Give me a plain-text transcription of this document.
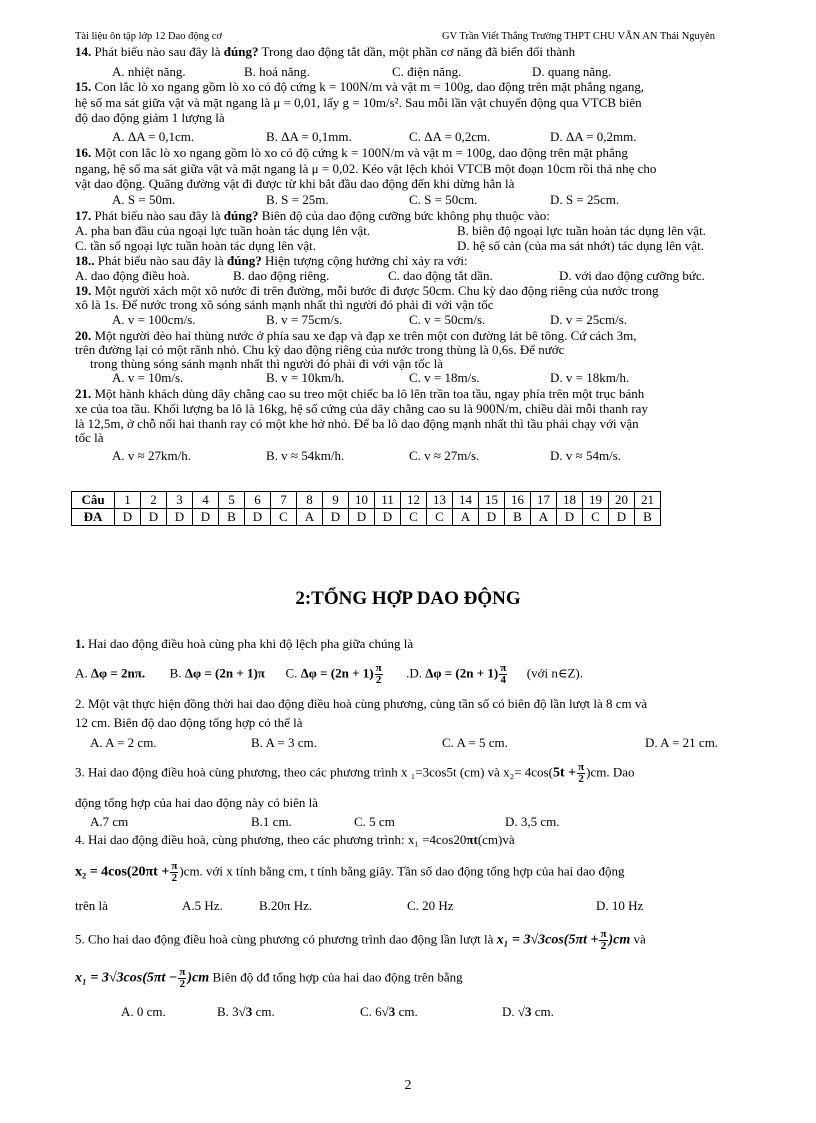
Tài liệu ôn tập lớp 12 Dao động cơ	GV Trần Viết Thắng Trường THPT CHU VĂN AN Thái Nguyên
14. Phát biểu nào sau đây là đúng? Trong dao động tắt dần, một phần cơ năng đã biến đổi thành
A. nhiệt năng.	B. hoá năng.	C. điện năng.	D. quang năng.
15. Con lắc lò xo ngang gồm lò xo có độ cứng k = 100N/m và vật m = 100g, dao động trên mặt phẳng ngang,
hệ số ma sát giữa vật và mặt ngang là μ = 0,01, lấy g = 10m/s². Sau mỗi lần vật chuyển động qua VTCB biên
độ dao động giảm 1 lượng là
A. ΔA = 0,1cm.	B. ΔA = 0,1mm.	C. ΔA = 0,2cm.	D. ΔA = 0,2mm.
16. Một con lắc lò xo ngang gồm lò xo có độ cứng k = 100N/m và vật m = 100g, dao động trên mặt phẳng
ngang, hệ số ma sát giữa vật và mặt ngang là μ = 0,02. Kéo vật lệch khỏi VTCB một đoạn 10cm rồi thả nhẹ cho
vật dao động. Quãng đường vật đi được từ khi bắt đầu dao động đến khi dừng hẳn là
A. S = 50m.	B. S = 25m.	C. S = 50cm.	D. S = 25cm.
17. Phát biểu nào sau đây là đúng? Biên độ của dao động cưỡng bức không phụ thuộc vào:
A. pha ban đầu của ngoại lực tuần hoàn tác dụng lên vật.	B. biên độ ngoại lực tuần hoàn tác dụng lên vật.
C. tần số ngoại lực tuần hoàn tác dụng lên vật.	D. hệ số cản (của ma sát nhớt) tác dụng lên vật.
18.. Phát biểu nào sau đây là đúng? Hiện tượng cộng hưởng chỉ xảy ra với:
A. dao động điều hoà.	B. dao động riêng.	C. dao động tắt dần.	D. với dao động cưỡng bức.
19. Một người xách một xô nước đi trên đường, mỗi bước đi được 50cm. Chu kỳ dao động riêng của nước trong
xô là 1s. Để nước trong xô sóng sánh mạnh nhất thì người đó phải đi với vận tốc
A. v = 100cm/s.	B. v = 75cm/s.	C. v = 50cm/s.	D. v = 25cm/s.
20. Một người đèo hai thùng nước ở phía sau xe đạp và đạp xe trên một con đường lát bê tông. Cứ cách 3m,
trên đường lại có một rãnh nhỏ. Chu kỳ dao động riêng của nước trong thùng là 0,6s. Để nước
trong thùng sóng sánh mạnh nhất thì người đó phải đi với vận tốc là
A. v = 10m/s.	B. v = 10km/h.	C. v = 18m/s.	D. v = 18km/h.
21. Một hành khách dùng dây chằng cao su treo một chiếc ba lô lên trần toa tầu, ngay phía trên một trục bánh
xe của toa tầu. Khối lượng ba lô là 16kg, hệ số cứng của dây chằng cao su là 900N/m, chiều dài mỗi thanh ray
là 12,5m, ở chỗ nối hai thanh ray có một khe hở nhỏ. Để ba lô dao động mạnh nhất thì tầu phải chạy với vận
tốc là
A. v ≈ 27km/h.	B. v ≈ 54km/h.	C. v ≈ 27m/s.	D. v ≈ 54m/s.
Câu	1	2	3	4	5	6	7	8	9	10	11	12	13	14	15	16	17	18	19	20	21
ĐA	D	D	D	D	B	D	C	A	D	D	D	C	C	A	D	B	A	D	C	D	B
2:TỔNG HỢP DAO ĐỘNG
1. Hai dao động điều hoà cùng pha khi độ lệch pha giữa chúng là
A. Δφ = 2nπ. B. Δφ = (2n + 1)π C. $\Delta\varphi = (2n + 1) \frac{\pi}{2} .D$. $\Delta\varphi = (2n + 1) \frac{\pi}{4}$ (với n∈Z).
2. Một vật thực hiện đồng thời hai dao động điều hoà cùng phương, cùng tần số có biên độ lần lượt là 8 cm và
12 cm. Biên độ dao động tổng hợp có thể là
A. A = 2 cm.	B. A = 3 cm.	C. A = 5 cm.	D. A = 21 cm.
3. Hai dao động điều hoà cùng phương, theo các phương trình x ₁=3cos5t (cm) và $x_2= 4\cos(5t + \frac{\pi}{2} )cm$. Dao
động tổng hợp của hai dao động này có biên là
A.7 cm	B.1 cm.	C. 5 cm	D. 3,5 cm.
4. Hai dao động điều hoà, cùng phương, theo các phương trình: x₁ =4cos20πt(cm)và
$x_2 = 4\cos(20\pi t + \frac{\pi}{2} )cm$. với x tính bằng cm, t tính bằng giây. Tần số dao động tổng hợp của hai dao động
trên là	A.5 Hz.	B.20π Hz.	C. 20 Hz	D. 10 Hz
5. Cho hai dao động điều hoà cùng phương có phương trình dao động lần lượt là $x_1 = 3√3\cos(5\pi t + \frac{\pi}{2} )cm$ và
$x_1 = 3√3\cos(5\pi t - \frac{\pi}{2} )cm$ Biên độ dđ tổng hợp của hai dao động trên bằng
A. 0 cm.	B. 3√3 cm.	C. 6√3 cm.	D. √3 cm.
2
